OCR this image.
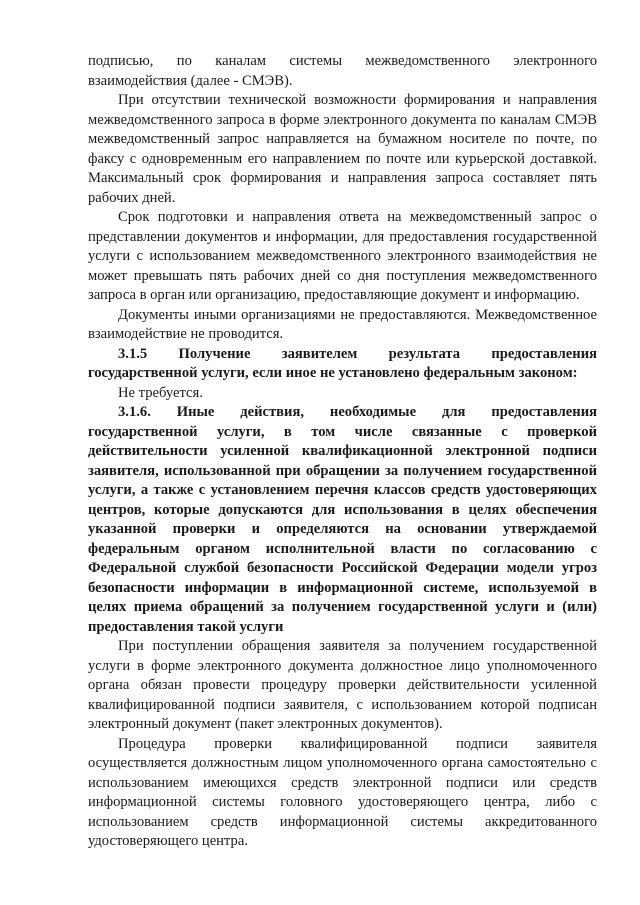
подписью, по каналам системы межведомственного электронного взаимодействия (далее - СМЭВ).

При отсутствии технической возможности формирования и направления межведомственного запроса в форме электронного документа по каналам СМЭВ межведомственный запрос направляется на бумажном носителе по почте, по факсу с одновременным его направлением по почте или курьерской доставкой. Максимальный срок формирования и направления запроса составляет пять рабочих дней.

Срок подготовки и направления ответа на межведомственный запрос о представлении документов и информации, для предоставления государственной услуги с использованием межведомственного электронного взаимодействия не может превышать пять рабочих дней со дня поступления межведомственного запроса в орган или организацию, предоставляющие документ и информацию.

Документы иными организациями не предоставляются. Межведомственное взаимодействие не проводится.

3.1.5 Получение заявителем результата предоставления государственной услуги, если иное не установлено федеральным законом:

Не требуется.

3.1.6. Иные действия, необходимые для предоставления государственной услуги, в том числе связанные с проверкой действительности усиленной квалификационной электронной подписи заявителя, использованной при обращении за получением государственной услуги, а также с установлением перечня классов средств удостоверяющих центров, которые допускаются для использования в целях обеспечения указанной проверки и определяются на основании утверждаемой федеральным органом исполнительной власти по согласованию с Федеральной службой безопасности Российской Федерации модели угроз безопасности информации в информационной системе, используемой в целях приема обращений за получением государственной услуги и (или) предоставления такой услуги

При поступлении обращения заявителя за получением государственной услуги в форме электронного документа должностное лицо уполномоченного органа обязан провести процедуру проверки действительности усиленной квалифицированной подписи заявителя, с использованием которой подписан электронный документ (пакет электронных документов).

Процедура проверки квалифицированной подписи заявителя осуществляется должностным лицом уполномоченного органа самостоятельно с использованием имеющихся средств электронной подписи или средств информационной системы головного удостоверяющего центра, либо с использованием средств информационной системы аккредитованного удостоверяющего центра.
